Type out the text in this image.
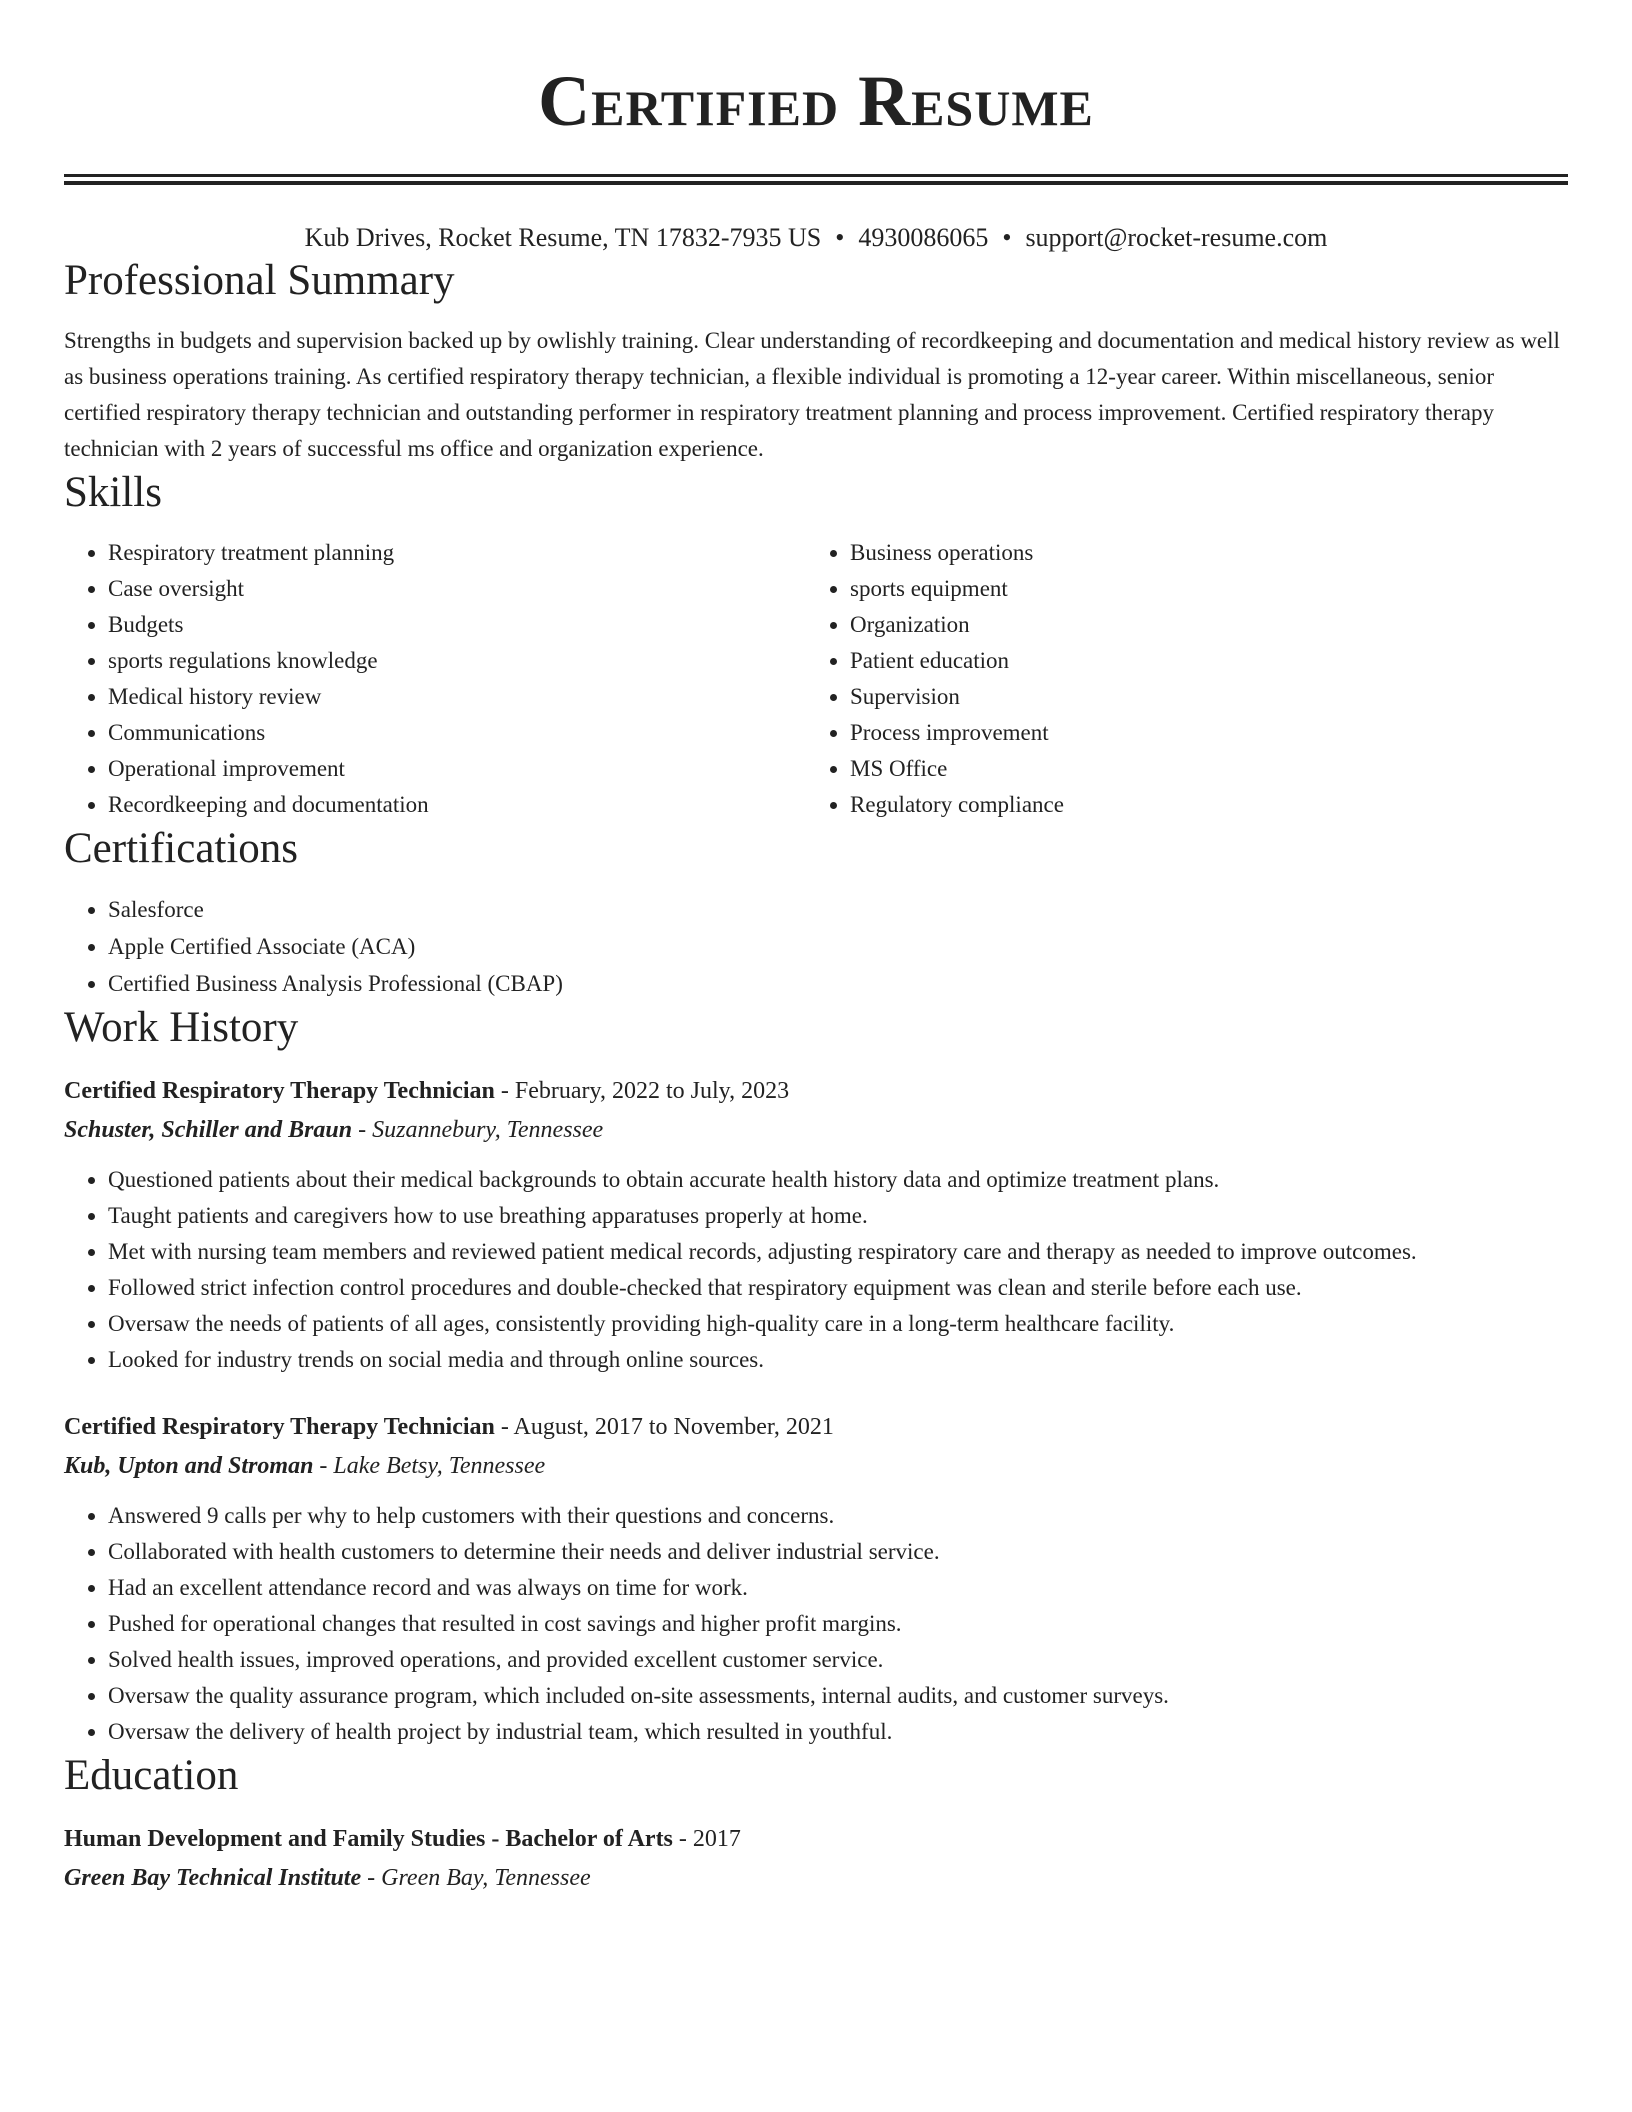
Certified Resume
Kub Drives, Rocket Resume, TN 17832-7935 US • 4930086065 • support@rocket-resume.com
Professional Summary

Strengths in budgets and supervision backed up by owlishly training. Clear understanding of recordkeeping and documentation and medical history review as well as business operations training. As certified respiratory therapy technician, a flexible individual is promoting a 12-year career. Within miscellaneous, senior certified respiratory therapy technician and outstanding performer in respiratory treatment planning and process improvement. Certified respiratory therapy technician with 2 years of successful ms office and organization experience.

Skills
• Respiratory treatment planning
• Case oversight
• Budgets
• sports regulations knowledge
• Medical history review
• Communications
• Operational improvement
• Recordkeeping and documentation
• Business operations
• sports equipment
• Organization
• Patient education
• Supervision
• Process improvement
• MS Office
• Regulatory compliance
Certifications
• Salesforce
• Apple Certified Associate (ACA)
• Certified Business Analysis Professional (CBAP)
Work History
Certified Respiratory Therapy Technician - February, 2022 to July, 2023
Schuster, Schiller and Braun - Suzannebury, Tennessee
• Questioned patients about their medical backgrounds to obtain accurate health history data and optimize treatment plans.
• Taught patients and caregivers how to use breathing apparatuses properly at home.
• Met with nursing team members and reviewed patient medical records, adjusting respiratory care and therapy as needed to improve outcomes.
• Followed strict infection control procedures and double-checked that respiratory equipment was clean and sterile before each use.
• Oversaw the needs of patients of all ages, consistently providing high-quality care in a long-term healthcare facility.
• Looked for industry trends on social media and through online sources.
Certified Respiratory Therapy Technician - August, 2017 to November, 2021
Kub, Upton and Stroman - Lake Betsy, Tennessee
• Answered 9 calls per why to help customers with their questions and concerns.
• Collaborated with health customers to determine their needs and deliver industrial service.
• Had an excellent attendance record and was always on time for work.
• Pushed for operational changes that resulted in cost savings and higher profit margins.
• Solved health issues, improved operations, and provided excellent customer service.
• Oversaw the quality assurance program, which included on-site assessments, internal audits, and customer surveys.
• Oversaw the delivery of health project by industrial team, which resulted in youthful.
Education
Human Development and Family Studies - Bachelor of Arts - 2017
Green Bay Technical Institute - Green Bay, Tennessee
